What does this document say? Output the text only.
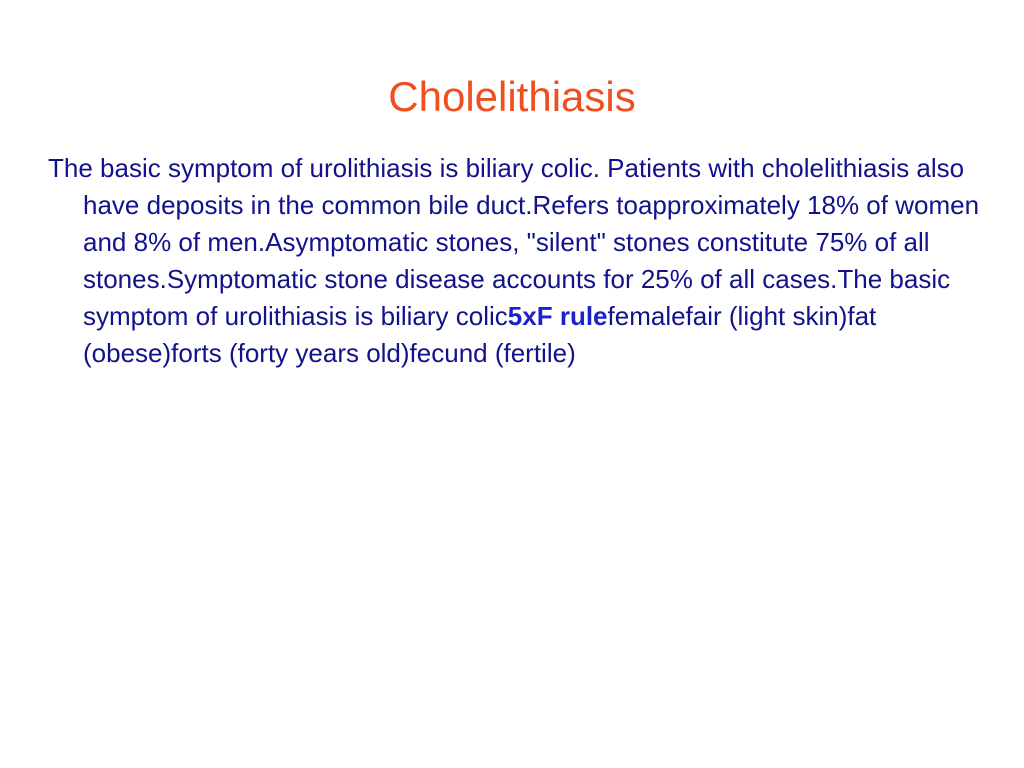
Cholelithiasis

The basic symptom of urolithiasis is biliary colic. Patients with cholelithiasis also have deposits in the common bile duct.Refers toapproximately 18% of women and 8% of men.Asymptomatic stones, "silent" stones constitute 75% of all stones.Symptomatic stone disease accounts for 25% of all cases.The basic symptom of urolithiasis is biliary colic5xF rulefemalefair (light skin)fat (obese)forts (forty years old)fecund (fertile)
